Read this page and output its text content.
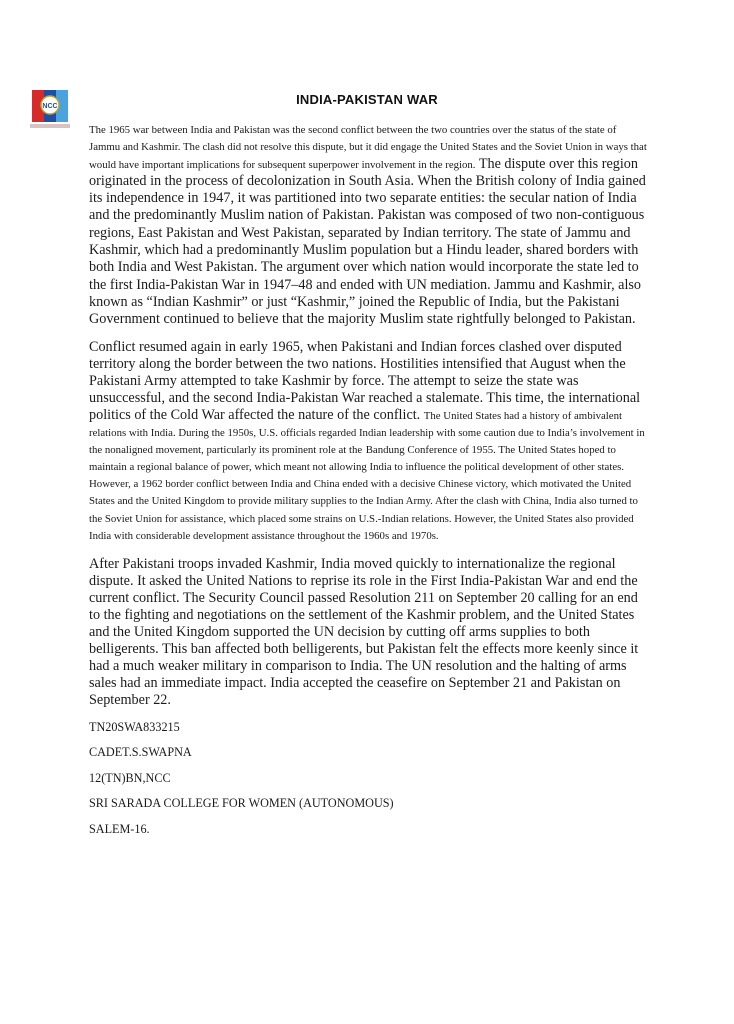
NCC	INDIA-PAKISTAN WAR

The 1965 war between India and Pakistan was the second conflict between the two countries over the status of the state of Jammu and Kashmir. The clash did not resolve this dispute, but it did engage the United States and the Soviet Union in ways that would have important implications for subsequent superpower involvement in the region. The dispute over this region originated in the process of decolonization in South Asia. When the British colony of India gained its independence in 1947, it was partitioned into two separate entities: the secular nation of India and the predominantly Muslim nation of Pakistan. Pakistan was composed of two non-contiguous regions, East Pakistan and West Pakistan, separated by Indian territory. The state of Jammu and Kashmir, which had a predominantly Muslim population but a Hindu leader, shared borders with both India and West Pakistan. The argument over which nation would incorporate the state led to the first India-Pakistan War in 1947–48 and ended with UN mediation. Jammu and Kashmir, also known as “Indian Kashmir” or just “Kashmir,” joined the Republic of India, but the Pakistani Government continued to believe that the majority Muslim state rightfully belonged to Pakistan.

Conflict resumed again in early 1965, when Pakistani and Indian forces clashed over disputed territory along the border between the two nations. Hostilities intensified that August when the Pakistani Army attempted to take Kashmir by force. The attempt to seize the state was unsuccessful, and the second India-Pakistan War reached a stalemate. This time, the international politics of the Cold War affected the nature of the conflict. The United States had a history of ambivalent relations with India. During the 1950s, U.S. officials regarded Indian leadership with some caution due to India’s involvement in the nonaligned movement, particularly its prominent role at the Bandung Conference of 1955. The United States hoped to maintain a regional balance of power, which meant not allowing India to influence the political development of other states. However, a 1962 border conflict between India and China ended with a decisive Chinese victory, which motivated the United States and the United Kingdom to provide military supplies to the Indian Army. After the clash with China, India also turned to the Soviet Union for assistance, which placed some strains on U.S.-Indian relations. However, the United States also provided India with considerable development assistance throughout the 1960s and 1970s.

After Pakistani troops invaded Kashmir, India moved quickly to internationalize the regional dispute. It asked the United Nations to reprise its role in the First India-Pakistan War and end the current conflict. The Security Council passed Resolution 211 on September 20 calling for an end to the fighting and negotiations on the settlement of the Kashmir problem, and the United States and the United Kingdom supported the UN decision by cutting off arms supplies to both belligerents. This ban affected both belligerents, but Pakistan felt the effects more keenly since it had a much weaker military in comparison to India. The UN resolution and the halting of arms sales had an immediate impact. India accepted the ceasefire on September 21 and Pakistan on September 22.

TN20SWA833215
CADET.S.SWAPNA
12(TN)BN,NCC
SRI SARADA COLLEGE FOR WOMEN (AUTONOMOUS)
SALEM-16.
